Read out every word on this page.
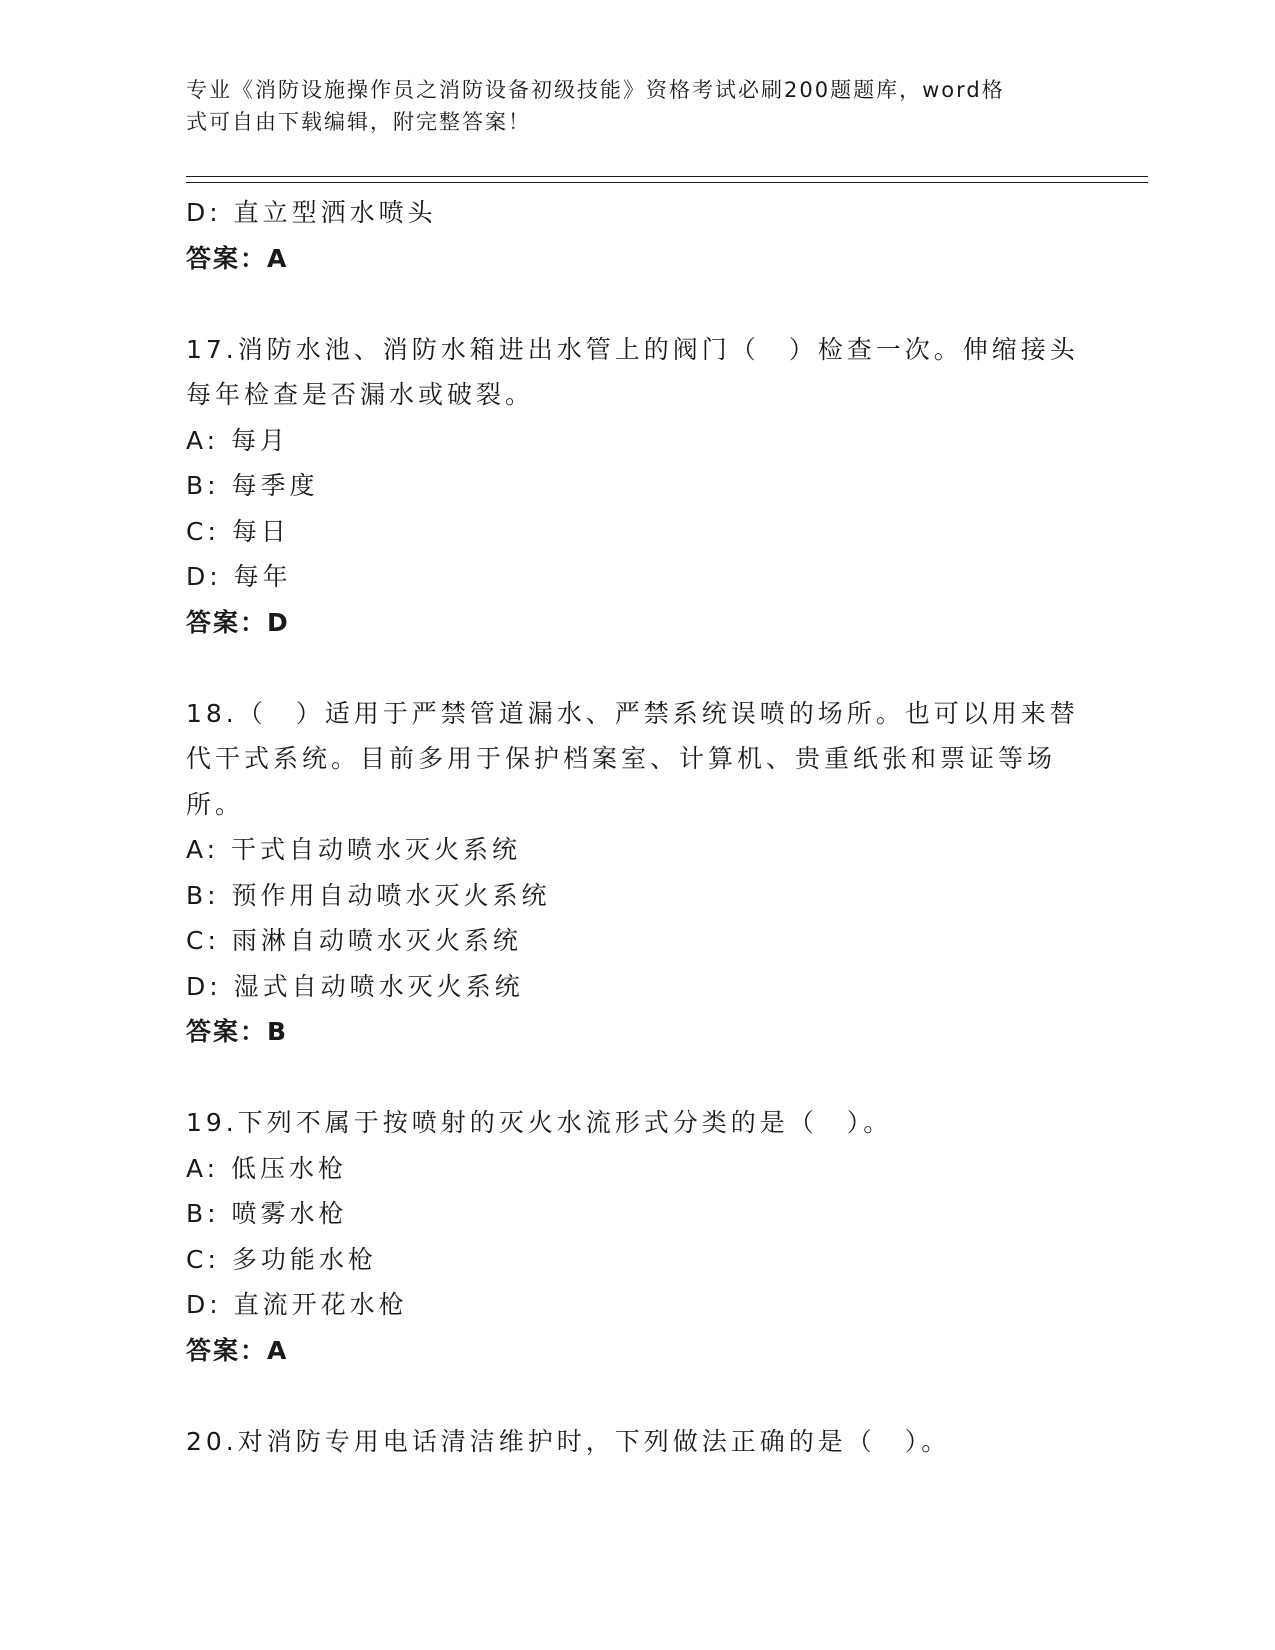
专业《消防设施操作员之消防设备初级技能》资格考试必刷200题题库，word格
式可自由下载编辑，附完整答案！
D: 直立型洒水喷头
答案：A
17.消防水池、消防水箱进出水管上的阀门（　）检查一次。伸缩接头
每年检查是否漏水或破裂。
A: 每月
B: 每季度
C: 每日
D: 每年
答案：D
18.（　）适用于严禁管道漏水、严禁系统误喷的场所。也可以用来替
代干式系统。目前多用于保护档案室、计算机、贵重纸张和票证等场
所。
A: 干式自动喷水灭火系统
B: 预作用自动喷水灭火系统
C: 雨淋自动喷水灭火系统
D: 湿式自动喷水灭火系统
答案：B
19.下列不属于按喷射的灭火水流形式分类的是（　）。
A: 低压水枪
B: 喷雾水枪
C: 多功能水枪
D: 直流开花水枪
答案：A
20.对消防专用电话清洁维护时，下列做法正确的是（　）。
